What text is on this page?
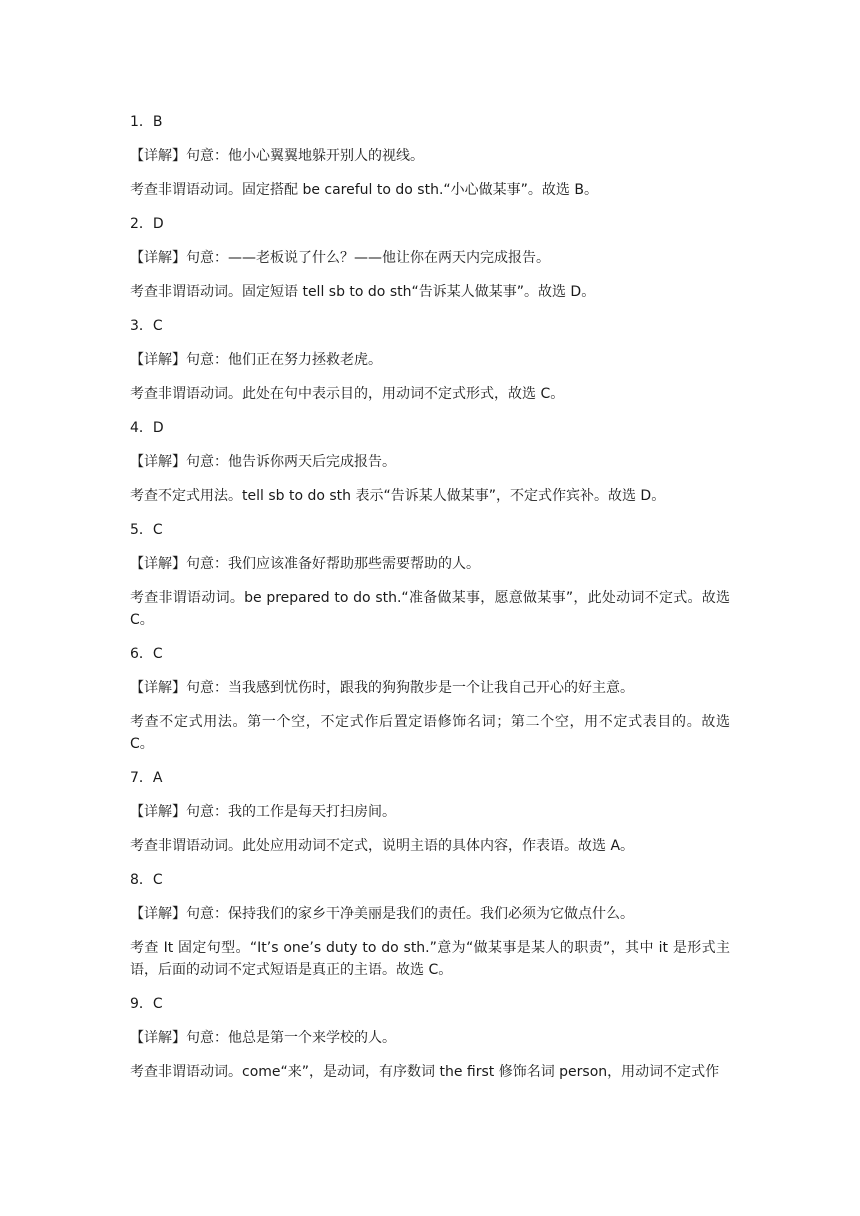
1．B
【详解】句意：他小心翼翼地躲开别人的视线。
考查非谓语动词。固定搭配 be careful to do sth.“小心做某事”。故选 B。
2．D
【详解】句意：——老板说了什么？——他让你在两天内完成报告。
考查非谓语动词。固定短语 tell sb to do sth“告诉某人做某事”。故选 D。
3．C
【详解】句意：他们正在努力拯救老虎。
考查非谓语动词。此处在句中表示目的，用动词不定式形式，故选 C。
4．D
【详解】句意：他告诉你两天后完成报告。
考查不定式用法。tell sb to do sth 表示“告诉某人做某事”，不定式作宾补。故选 D。
5．C
【详解】句意：我们应该准备好帮助那些需要帮助的人。
考查非谓语动词。be prepared to do sth.“准备做某事，愿意做某事”，此处动词不定式。故选 C。
6．C
【详解】句意：当我感到忧伤时，跟我的狗狗散步是一个让我自己开心的好主意。
考查不定式用法。第一个空，不定式作后置定语修饰名词；第二个空，用不定式表目的。故选 C。
7．A
【详解】句意：我的工作是每天打扫房间。
考查非谓语动词。此处应用动词不定式，说明主语的具体内容，作表语。故选 A。
8．C
【详解】句意：保持我们的家乡干净美丽是我们的责任。我们必须为它做点什么。
考查 It 固定句型。“It’s one’s duty to do sth.”意为“做某事是某人的职责”，其中 it 是形式主语，后面的动词不定式短语是真正的主语。故选 C。
9．C
【详解】句意：他总是第一个来学校的人。
考查非谓语动词。come“来”，是动词，有序数词 the first 修饰名词 person，用动词不定式作
